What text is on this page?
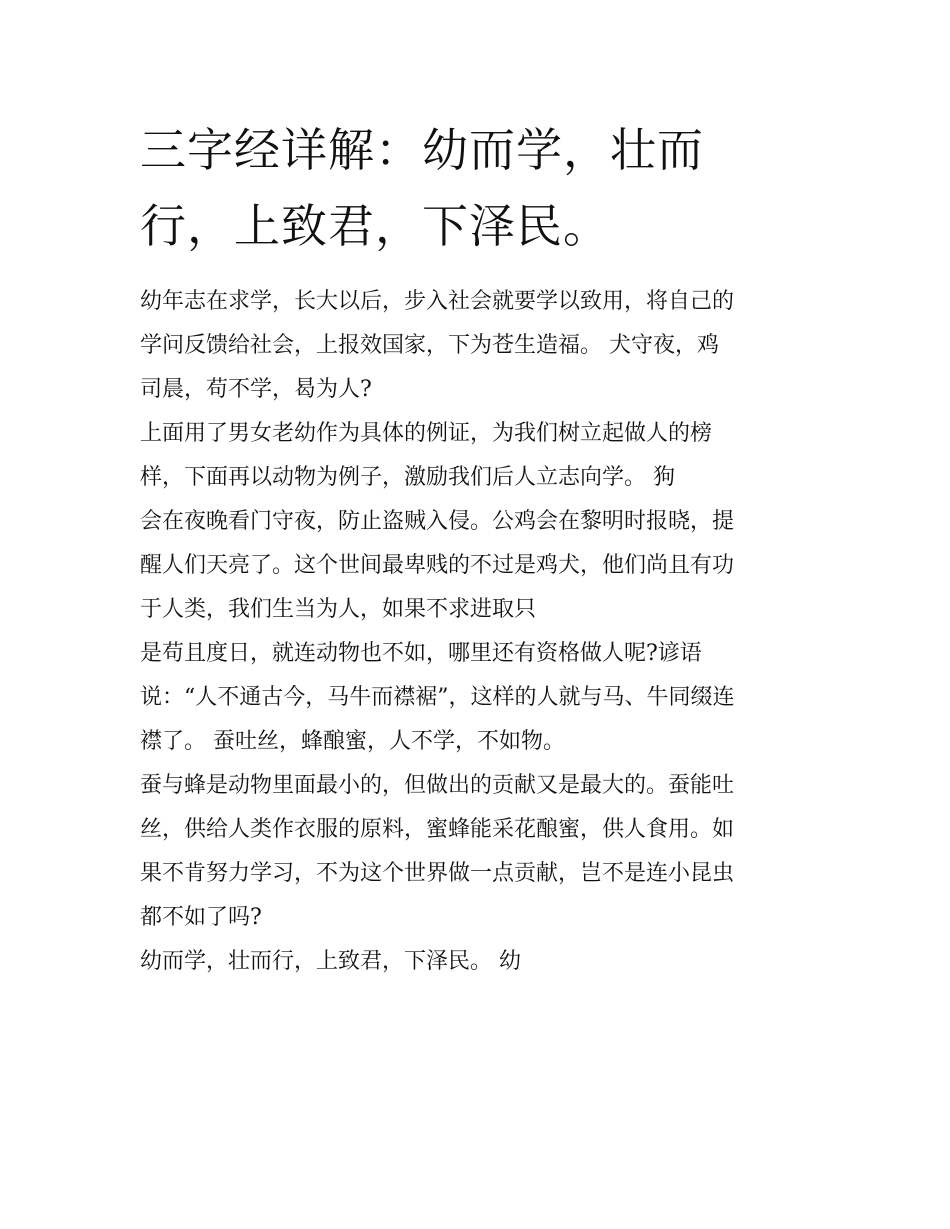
三字经详解：幼而学，壮而
行，上致君，下泽民。
幼年志在求学，长大以后，步入社会就要学以致用，将自己的
学问反馈给社会，上报效国家，下为苍生造福。 犬守夜，鸡
司晨，苟不学，曷为人?
上面用了男女老幼作为具体的例证，为我们树立起做人的榜
样，下面再以动物为例子，激励我们后人立志向学。 狗
会在夜晚看门守夜，防止盗贼入侵。公鸡会在黎明时报晓，提
醒人们天亮了。这个世间最卑贱的不过是鸡犬，他们尚且有功
于人类，我们生当为人，如果不求进取只
是苟且度日，就连动物也不如，哪里还有资格做人呢?谚语
说：“人不通古今，马牛而襟裾”，这样的人就与马、牛同缀连
襟了。 蚕吐丝，蜂酿蜜，人不学，不如物。
蚕与蜂是动物里面最小的，但做出的贡献又是最大的。蚕能吐
丝，供给人类作衣服的原料，蜜蜂能采花酿蜜，供人食用。如
果不肯努力学习，不为这个世界做一点贡献，岂不是连小昆虫
都不如了吗?
幼而学，壮而行，上致君，下泽民。 幼
